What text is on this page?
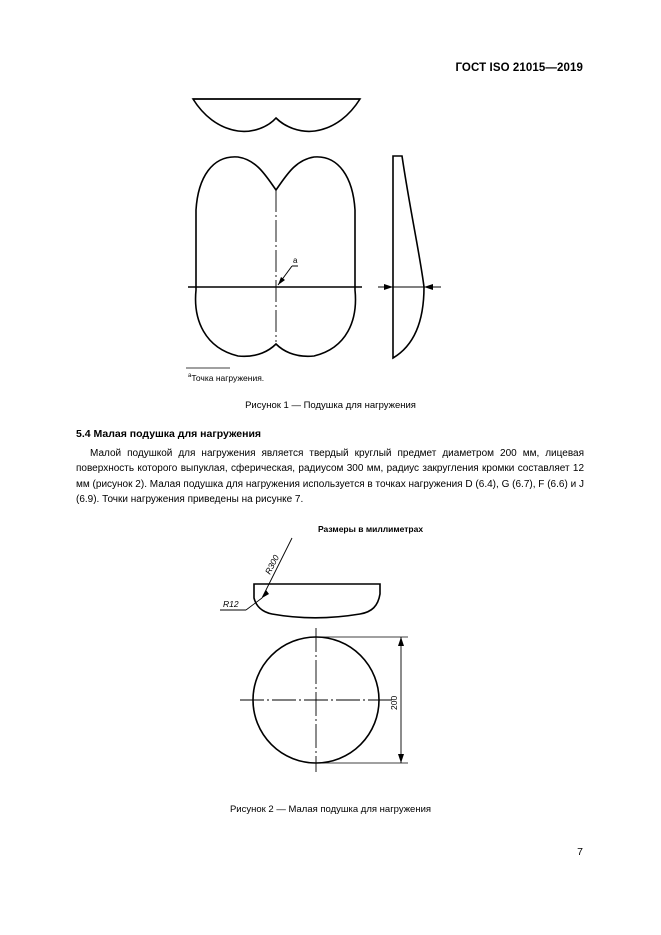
ГОСТ ISO 21015—2019
a
$^a$Точка нагружения.
Рисунок 1 — Подушка для нагружения
5.4 Малая подушка для нагружения
Малой подушкой для нагружения является твердый круглый предмет диаметром 200 мм, лицевая поверхность которого выпуклая, сферическая, радиусом 300 мм, радиус закругления кромки составляет 12 мм (рисунок 2). Малая подушка для нагружения используется в точках нагружения D (6.4), G (6.7), F (6.6) и J (6.9). Точки нагружения приведены на рисунке 7.
Размеры в миллиметрах
R300
R12
200
Рисунок 2 — Малая подушка для нагружения
7
